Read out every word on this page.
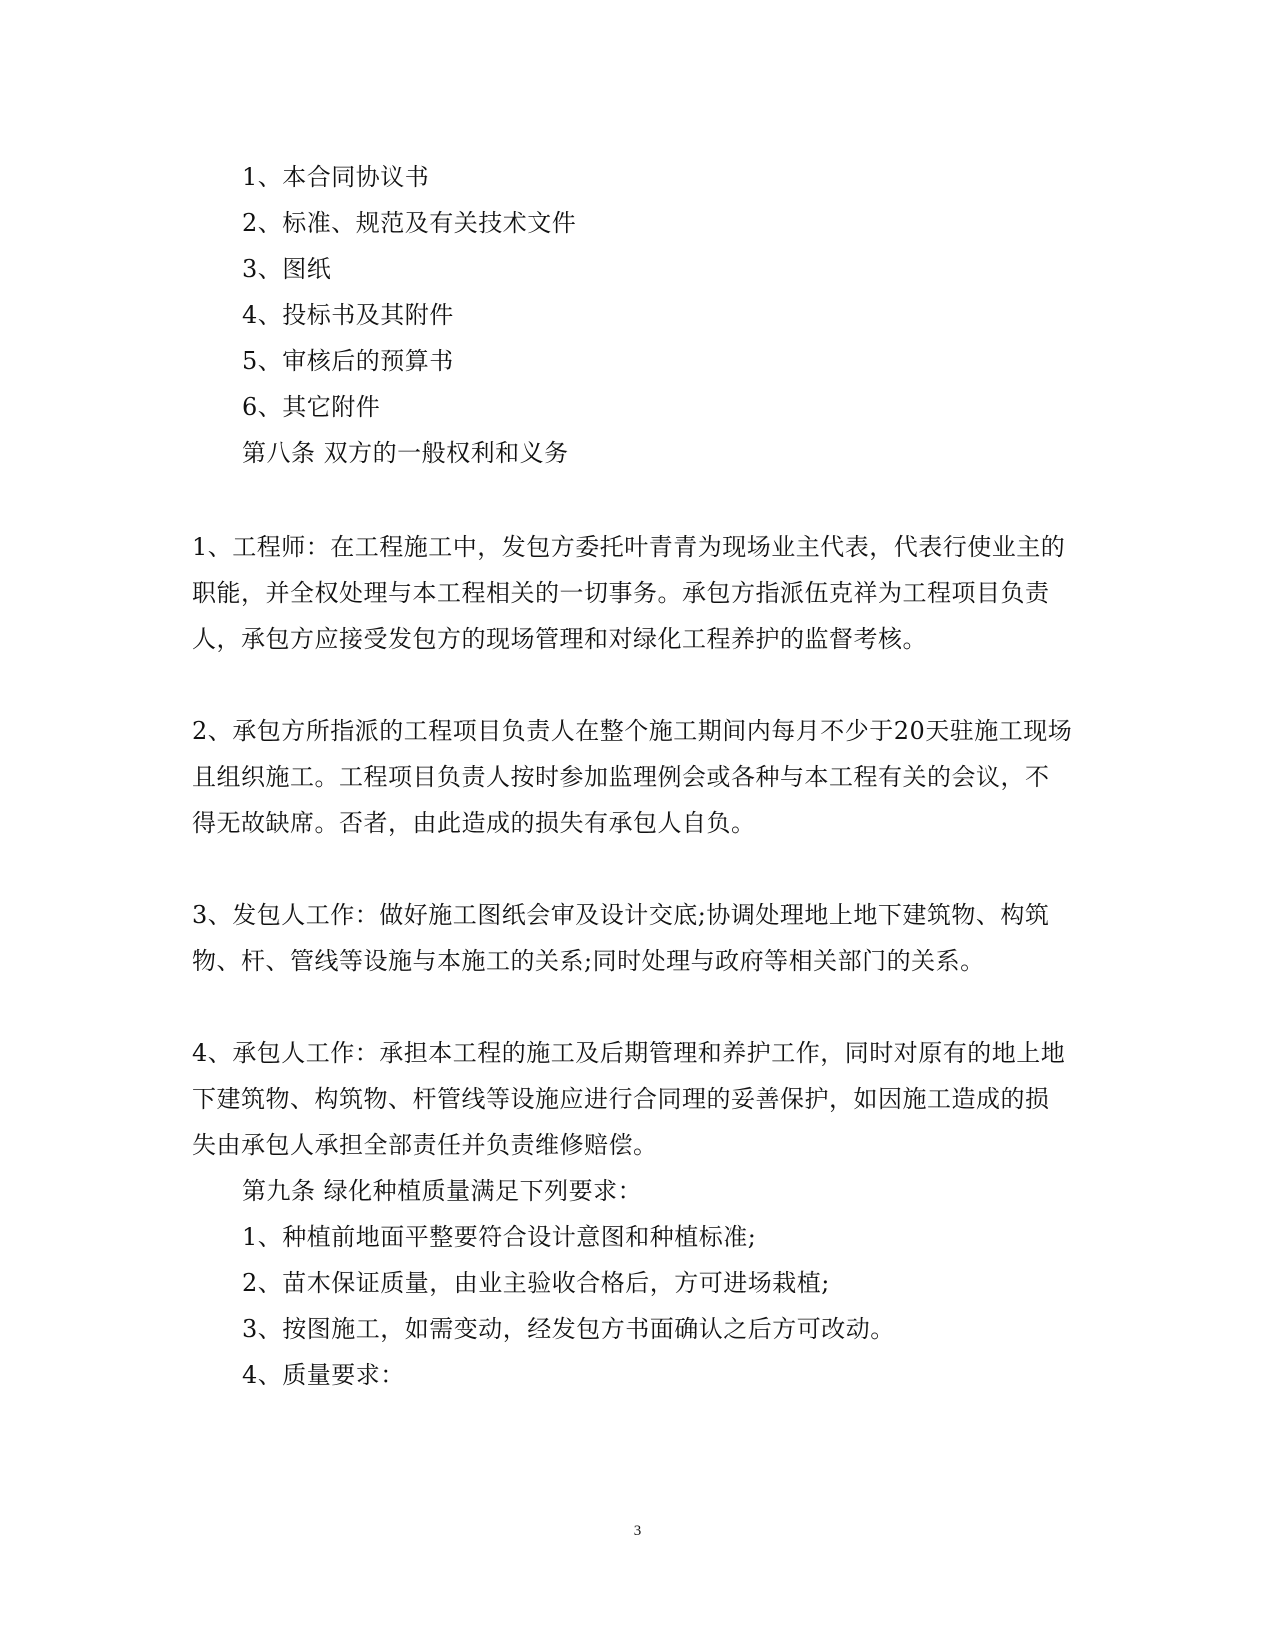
1、本合同协议书
2、标准、规范及有关技术文件
3、图纸
4、投标书及其附件
5、审核后的预算书
6、其它附件
第八条 双方的一般权利和义务
1、工程师：在工程施工中，发包方委托叶青青为现场业主代表，代表行使业主的
职能，并全权处理与本工程相关的一切事务。承包方指派伍克祥为工程项目负责
人，承包方应接受发包方的现场管理和对绿化工程养护的监督考核。
2、承包方所指派的工程项目负责人在整个施工期间内每月不少于20天驻施工现场
且组织施工。工程项目负责人按时参加监理例会或各种与本工程有关的会议，不
得无故缺席。否者，由此造成的损失有承包人自负。
3、发包人工作：做好施工图纸会审及设计交底;协调处理地上地下建筑物、构筑
物、杆、管线等设施与本施工的关系;同时处理与政府等相关部门的关系。
4、承包人工作：承担本工程的施工及后期管理和养护工作，同时对原有的地上地
下建筑物、构筑物、杆管线等设施应进行合同理的妥善保护，如因施工造成的损
失由承包人承担全部责任并负责维修赔偿。
第九条 绿化种植质量满足下列要求：
1、种植前地面平整要符合设计意图和种植标准;
2、苗木保证质量，由业主验收合格后，方可进场栽植;
3、按图施工，如需变动，经发包方书面确认之后方可改动。
4、质量要求：
3
